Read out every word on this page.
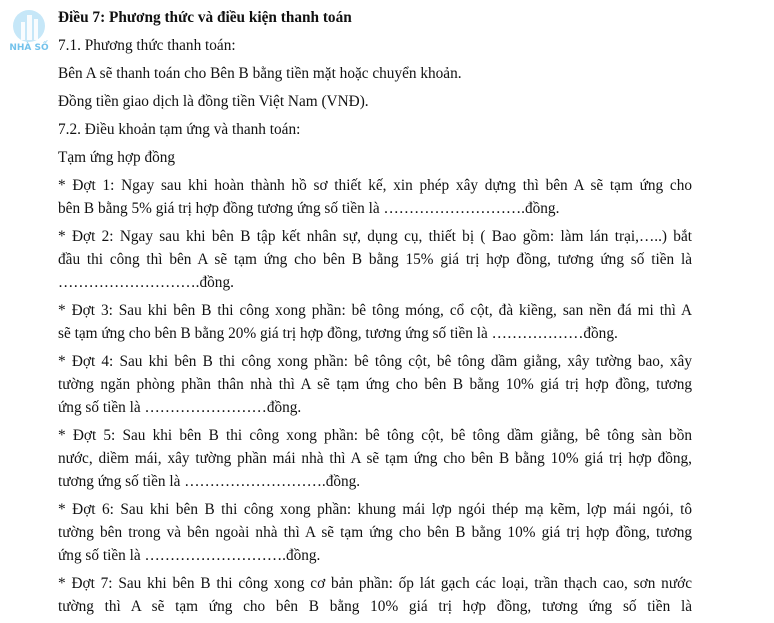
NHÀ SỐ
Điều 7: Phương thức và điều kiện thanh toán
7.1. Phương thức thanh toán:
Bên A sẽ thanh toán cho Bên B bằng tiền mặt hoặc chuyển khoản.
Đồng tiền giao dịch là đồng tiền Việt Nam (VNĐ).
7.2. Điều khoản tạm ứng và thanh toán:
Tạm ứng hợp đồng
* Đợt 1: Ngay sau khi hoàn thành hồ sơ thiết kế, xin phép xây dựng thì bên A sẽ tạm ứng cho
bên B bằng 5% giá trị hợp đồng tương ứng số tiền là ……………………….đồng.
* Đợt 2: Ngay sau khi bên B tập kết nhân sự, dụng cụ, thiết bị ( Bao gồm: làm lán trại,…..) bắt
đầu thi công thì bên A sẽ tạm ứng cho bên B bằng 15% giá trị hợp đồng, tương ứng số tiền là
……………………….đồng.
* Đợt 3: Sau khi bên B thi công xong phần: bê tông móng, cổ cột, đà kiềng, san nền đá mi thì A
sẽ tạm ứng cho bên B bằng 20% giá trị hợp đồng, tương ứng số tiền là ………………đồng.
* Đợt 4: Sau khi bên B thi công xong phần: bê tông cột, bê tông dầm giằng, xây tường bao, xây
tường ngăn phòng phần thân nhà thì A sẽ tạm ứng cho bên B bằng 10% giá trị hợp đồng, tương
ứng số tiền là ……………………đồng.
* Đợt 5: Sau khi bên B thi công xong phần: bê tông cột, bê tông dầm giằng, bê tông sàn bồn
nước, diềm mái, xây tường phần mái nhà thì A sẽ tạm ứng cho bên B bằng 10% giá trị hợp đồng,
tương ứng số tiền là ……………………….đồng.
* Đợt 6: Sau khi bên B thi công xong phần: khung mái lợp ngói thép mạ kẽm, lợp mái ngói, tô
tường bên trong và bên ngoài nhà thì A sẽ tạm ứng cho bên B bằng 10% giá trị hợp đồng, tương
ứng số tiền là ……………………….đồng.
* Đợt 7: Sau khi bên B thi công xong cơ bản phần: ốp lát gạch các loại, trần thạch cao, sơn nước
tường thì A sẽ tạm ứng cho bên B bằng 10% giá trị hợp đồng, tương ứng số tiền là
